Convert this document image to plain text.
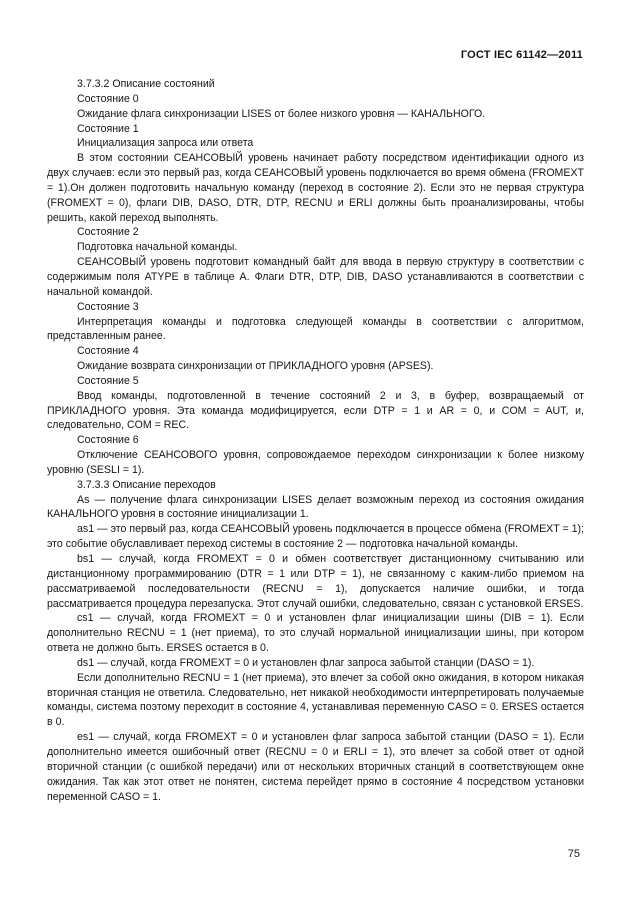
ГОСТ IEC 61142—2011

3.7.3.2 Описание состояний

Состояние 0

Ожидание флага синхронизации LISES от более низкого уровня — КАНАЛЬНОГО.

Состояние 1

Инициализация запроса или ответа

В этом состоянии СЕАНСОВЫЙ уровень начинает работу посредством идентификации одного из двух случаев: если это первый раз, когда СЕАНСОВЫЙ уровень подключается во время обмена (FROMEXT = 1).Он должен подготовить начальную команду (переход в состояние 2). Если это не первая структура (FROMEXT = 0), флаги DIB, DASO, DTR, DTP, RECNU и ERLI должны быть проанализированы, чтобы решить, какой переход выполнять.

Состояние 2

Подготовка начальной команды.

СЕАНСОВЫЙ уровень подготовит командный байт для ввода в первую структуру в соответствии с содержимым поля ATYPE в таблице A. Флаги DTR, DTP, DIB, DASO устанавливаются в соответствии с начальной командой.

Состояние 3

Интерпретация команды и подготовка следующей команды в соответствии с алгоритмом, представленным ранее.

Состояние 4

Ожидание возврата синхронизации от ПРИКЛАДНОГО уровня (APSES).

Состояние 5

Ввод команды, подготовленной в течение состояний 2 и 3, в буфер, возвращаемый от ПРИКЛАДНОГО уровня. Эта команда модифицируется, если DTP = 1 и AR = 0, и COM = AUT, и, следовательно, COM = REC.

Состояние 6

Отключение СЕАНСОВОГО уровня, сопровождаемое переходом синхронизации к более низкому уровню (SESLI = 1).

3.7.3.3 Описание переходов

As — получение флага синхронизации LISES делает возможным переход из состояния ожидания КАНАЛЬНОГО уровня в состояние инициализации 1.

as1 — это первый раз, когда СЕАНСОВЫЙ уровень подключается в процессе обмена (FROMEXT = 1); это событие обуславливает переход системы в состояние 2 — подготовка начальной команды.

bs1 — случай, когда FROMEXT = 0 и обмен соответствует дистанционному считыванию или дистанционному программированию (DTR = 1 или DTP = 1), не связанному с каким-либо приемом на рассматриваемой последовательности (RECNU = 1), допускается наличие ошибки, и тогда рассматривается процедура перезапуска. Этот случай ошибки, следовательно, связан с установкой ERSES.

cs1 — случай, когда FROMEXT = 0 и установлен флаг инициализации шины (DIB = 1). Если дополнительно RECNU = 1 (нет приема), то это случай нормальной инициализации шины, при котором ответа не должно быть. ERSES остается в 0.

ds1 — случай, когда FROMEXT = 0 и установлен флаг запроса забытой станции (DASO = 1).

Если дополнительно RECNU = 1 (нет приема), это влечет за собой окно ожидания, в котором никакая вторичная станция не ответила. Следовательно, нет никакой необходимости интерпретировать получаемые команды, система поэтому переходит в состояние 4, устанавливая переменную CASO = 0. ERSES остается в 0.

es1 — случай, когда FROMEXT = 0 и установлен флаг запроса забытой станции (DASO = 1). Если дополнительно имеется ошибочный ответ (RECNU = 0 и ERLI = 1), это влечет за собой ответ от одной вторичной станции (с ошибкой передачи) или от нескольких вторичных станций в соответствующем окне ожидания. Так как этот ответ не понятен, система перейдет прямо в состояние 4 посредством установки переменной CASO = 1.

75
